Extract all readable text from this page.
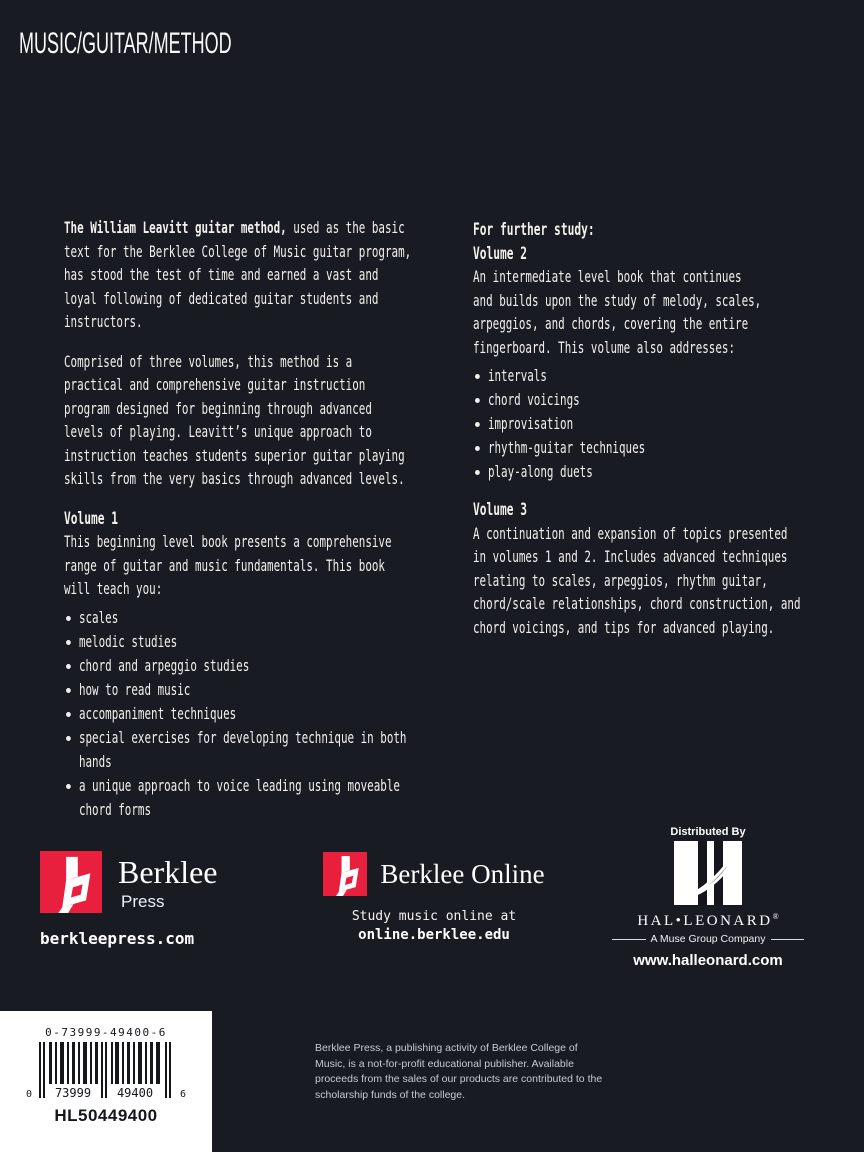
MUSIC/GUITAR/METHOD

The William Leavitt guitar method, used as the basic text for the Berklee College of Music guitar program, has stood the test of time and earned a vast and loyal following of dedicated guitar students and instructors.

Comprised of three volumes, this method is a practical and comprehensive guitar instruction program designed for beginning through advanced levels of playing. Leavitt’s unique approach to instruction teaches students superior guitar playing skills from the very basics through advanced levels.

Volume 1

This beginning level book presents a comprehensive range of guitar and music fundamentals. This book will teach you:

scales
melodic studies
chord and arpeggio studies
how to read music
accompaniment techniques
special exercises for developing technique in both hands
a unique approach to voice leading using moveable chord forms
For further study:
Volume 2

An intermediate level book that continues and builds upon the study of melody, scales, arpeggios, and chords, covering the entire fingerboard. This volume also addresses:

intervals
chord voicings
improvisation
rhythm-guitar techniques
play-along duets
Volume 3

A continuation and expansion of topics presented in volumes 1 and 2. Includes advanced techniques relating to scales, arpeggios, rhythm guitar, chord/scale relationships, chord construction, and chord voicings, and tips for advanced playing.

Berklee
Press
berkleepress.com
Berklee Online
Study music online at
online.berklee.edu
Distributed By
HAL•LEONARD®
A Muse Group Company
www.halleonard.com
0-73999-49400-6
0	73999	49400	6
HL50449400
Berklee Press, a publishing activity of Berklee College of Music, is a not-for-profit educational publisher. Available proceeds from the sales of our products are contributed to the scholarship funds of the college.
